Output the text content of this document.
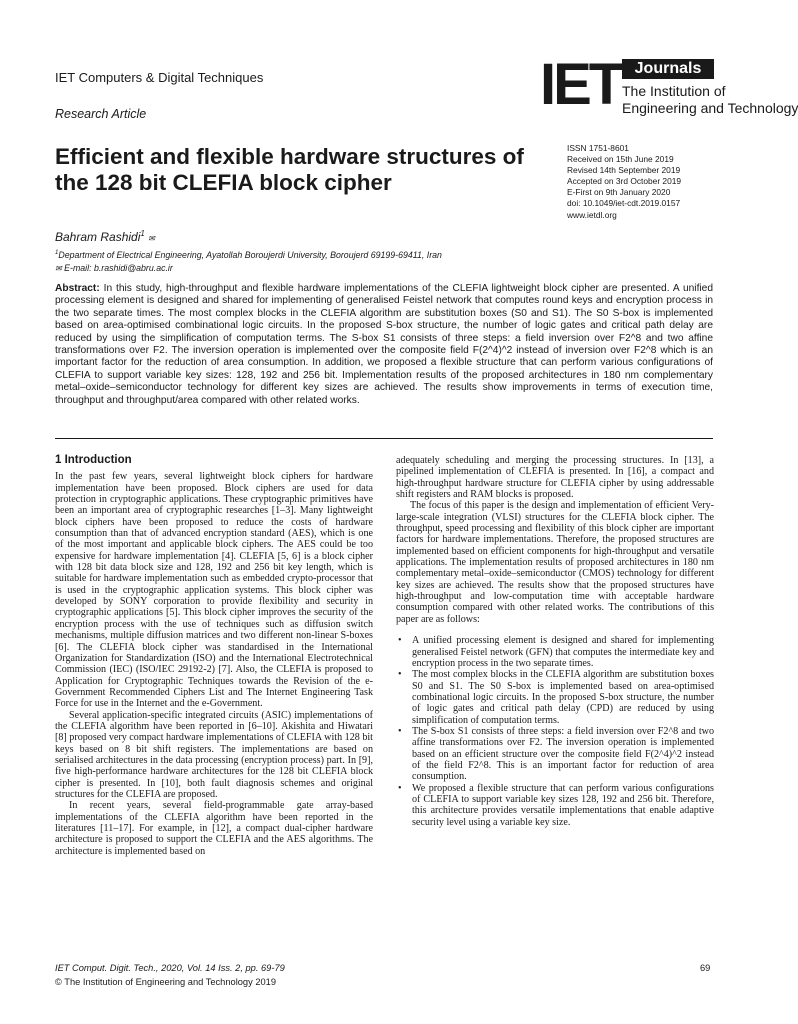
IET Computers & Digital Techniques
Research Article	IET Journals
The Institution of
Engineering and Technology
Efficient and flexible hardware structures of the 128 bit CLEFIA block cipher
ISSN 1751-8601
Received on 15th June 2019
Revised 14th September 2019
Accepted on 3rd October 2019
E-First on 9th January 2020
doi: 10.1049/iet-cdt.2019.0157
www.ietdl.org
Bahram Rashidi$^1$ ✉
$^1$Department of Electrical Engineering, Ayatollah Boroujerdi University, Boroujerd 69199-69411, Iran
✉ E-mail: b.rashidi@abru.ac.ir
Abstract: In this study, high-throughput and flexible hardware implementations of the CLEFIA lightweight block cipher are presented. A unified processing element is designed and shared for implementing of generalised Feistel network that computes round keys and encryption process in the two separate times. The most complex blocks in the CLEFIA algorithm are substitution boxes (S0 and S1). The S0 S-box is implemented based on area-optimised combinational logic circuits. In the proposed S-box structure, the number of logic gates and critical path delay are reduced by using the simplification of computation terms. The S-box S1 consists of three steps: a field inversion over F2^8 and two affine transformations over F2. The inversion operation is implemented over the composite field F(2^4)^2 instead of inversion over F2^8 which is an important factor for the reduction of area consumption. In addition, we proposed a flexible structure that can perform various configurations of CLEFIA to support variable key sizes: 128, 192 and 256 bit. Implementation results of the proposed architectures in 180 nm complementary metal–oxide–semiconductor technology for different key sizes are achieved. The results show improvements in terms of execution time, throughput and throughput/area compared with other related works.
1 Introduction

In the past few years, several lightweight block ciphers for hardware implementation have been proposed. Block ciphers are used for data protection in cryptographic applications. These cryptographic primitives have been an important area of cryptographic researches [1–3]. Many lightweight block ciphers have been proposed to reduce the costs of hardware consumption than that of advanced encryption standard (AES), which is one of the most important and applicable block ciphers. The AES could be too expensive for hardware implementation [4]. CLEFIA [5, 6] is a block cipher with 128 bit data block size and 128, 192 and 256 bit key length, which is suitable for hardware implementation such as embedded crypto-processor that is used in the cryptographic application systems. This block cipher was developed by SONY corporation to provide flexibility and security in cryptographic applications [5]. This block cipher improves the security of the encryption process with the use of techniques such as diffusion switch mechanisms, multiple diffusion matrices and two different non-linear S-boxes [6]. The CLEFIA block cipher was standardised in the International Organization for Standardization (ISO) and the International Electrotechnical Commission (IEC) (ISO/IEC 29192-2) [7]. Also, the CLEFIA is proposed to Application for Cryptographic Techniques towards the Revision of the e-Government Recommended Ciphers List and The Internet Engineering Task Force for use in the Internet and the e-Government.

Several application-specific integrated circuits (ASIC) implementations of the CLEFIA algorithm have been reported in [6–10]. Akishita and Hiwatari [8] proposed very compact hardware implementations of CLEFIA with 128 bit keys based on 8 bit shift registers. The implementations are based on serialised architectures in the data processing (encryption process) part. In [9], five high-performance hardware architectures for the 128 bit CLEFIA block cipher is presented. In [10], both fault diagnosis schemes and original structures for the CLEFIA are proposed.

In recent years, several field-programmable gate array-based implementations of the CLEFIA algorithm have been reported in the literatures [11–17]. For example, in [12], a compact dual-cipher hardware architecture is proposed to support the CLEFIA and the AES algorithms. The architecture is implemented based on

adequately scheduling and merging the processing structures. In [13], a pipelined implementation of CLEFIA is presented. In [16], a compact and high-throughput hardware structure for CLEFIA cipher by using addressable shift registers and RAM blocks is proposed.

The focus of this paper is the design and implementation of efficient Very-large-scale integration (VLSI) structures for the CLEFIA block cipher. The throughput, speed processing and flexibility of this block cipher are important factors for hardware implementations. Therefore, the proposed structures are implemented based on efficient components for high-throughput and versatile applications. The implementation results of proposed architectures in 180 nm complementary metal–oxide–semiconductor (CMOS) technology for different key sizes are achieved. The results show that the proposed structures have high-throughput and low-computation time with acceptable hardware consumption compared with other related works. The contributions of this paper are as follows:

• A unified processing element is designed and shared for implementing generalised Feistel network (GFN) that computes the intermediate key and encryption process in the two separate times.
• The most complex blocks in the CLEFIA algorithm are substitution boxes S0 and S1. The S0 S-box is implemented based on area-optimised combinational logic circuits. In the proposed S-box structure, the number of logic gates and critical path delay (CPD) are reduced by using simplification of computation terms.
• The S-box S1 consists of three steps: a field inversion over F2^8 and two affine transformations over F2. The inversion operation is implemented based on an efficient structure over the composite field F(2^4)^2 instead of the field F2^8. This is an important factor for reduction of area consumption.
• We proposed a flexible structure that can perform various configurations of CLEFIA to support variable key sizes 128, 192 and 256 bit. Therefore, this architecture provides versatile implementations that enable adaptive security level using a variable key size.
IET Comput. Digit. Tech., 2020, Vol. 14 Iss. 2, pp. 69-79	69
© The Institution of Engineering and Technology 2019
